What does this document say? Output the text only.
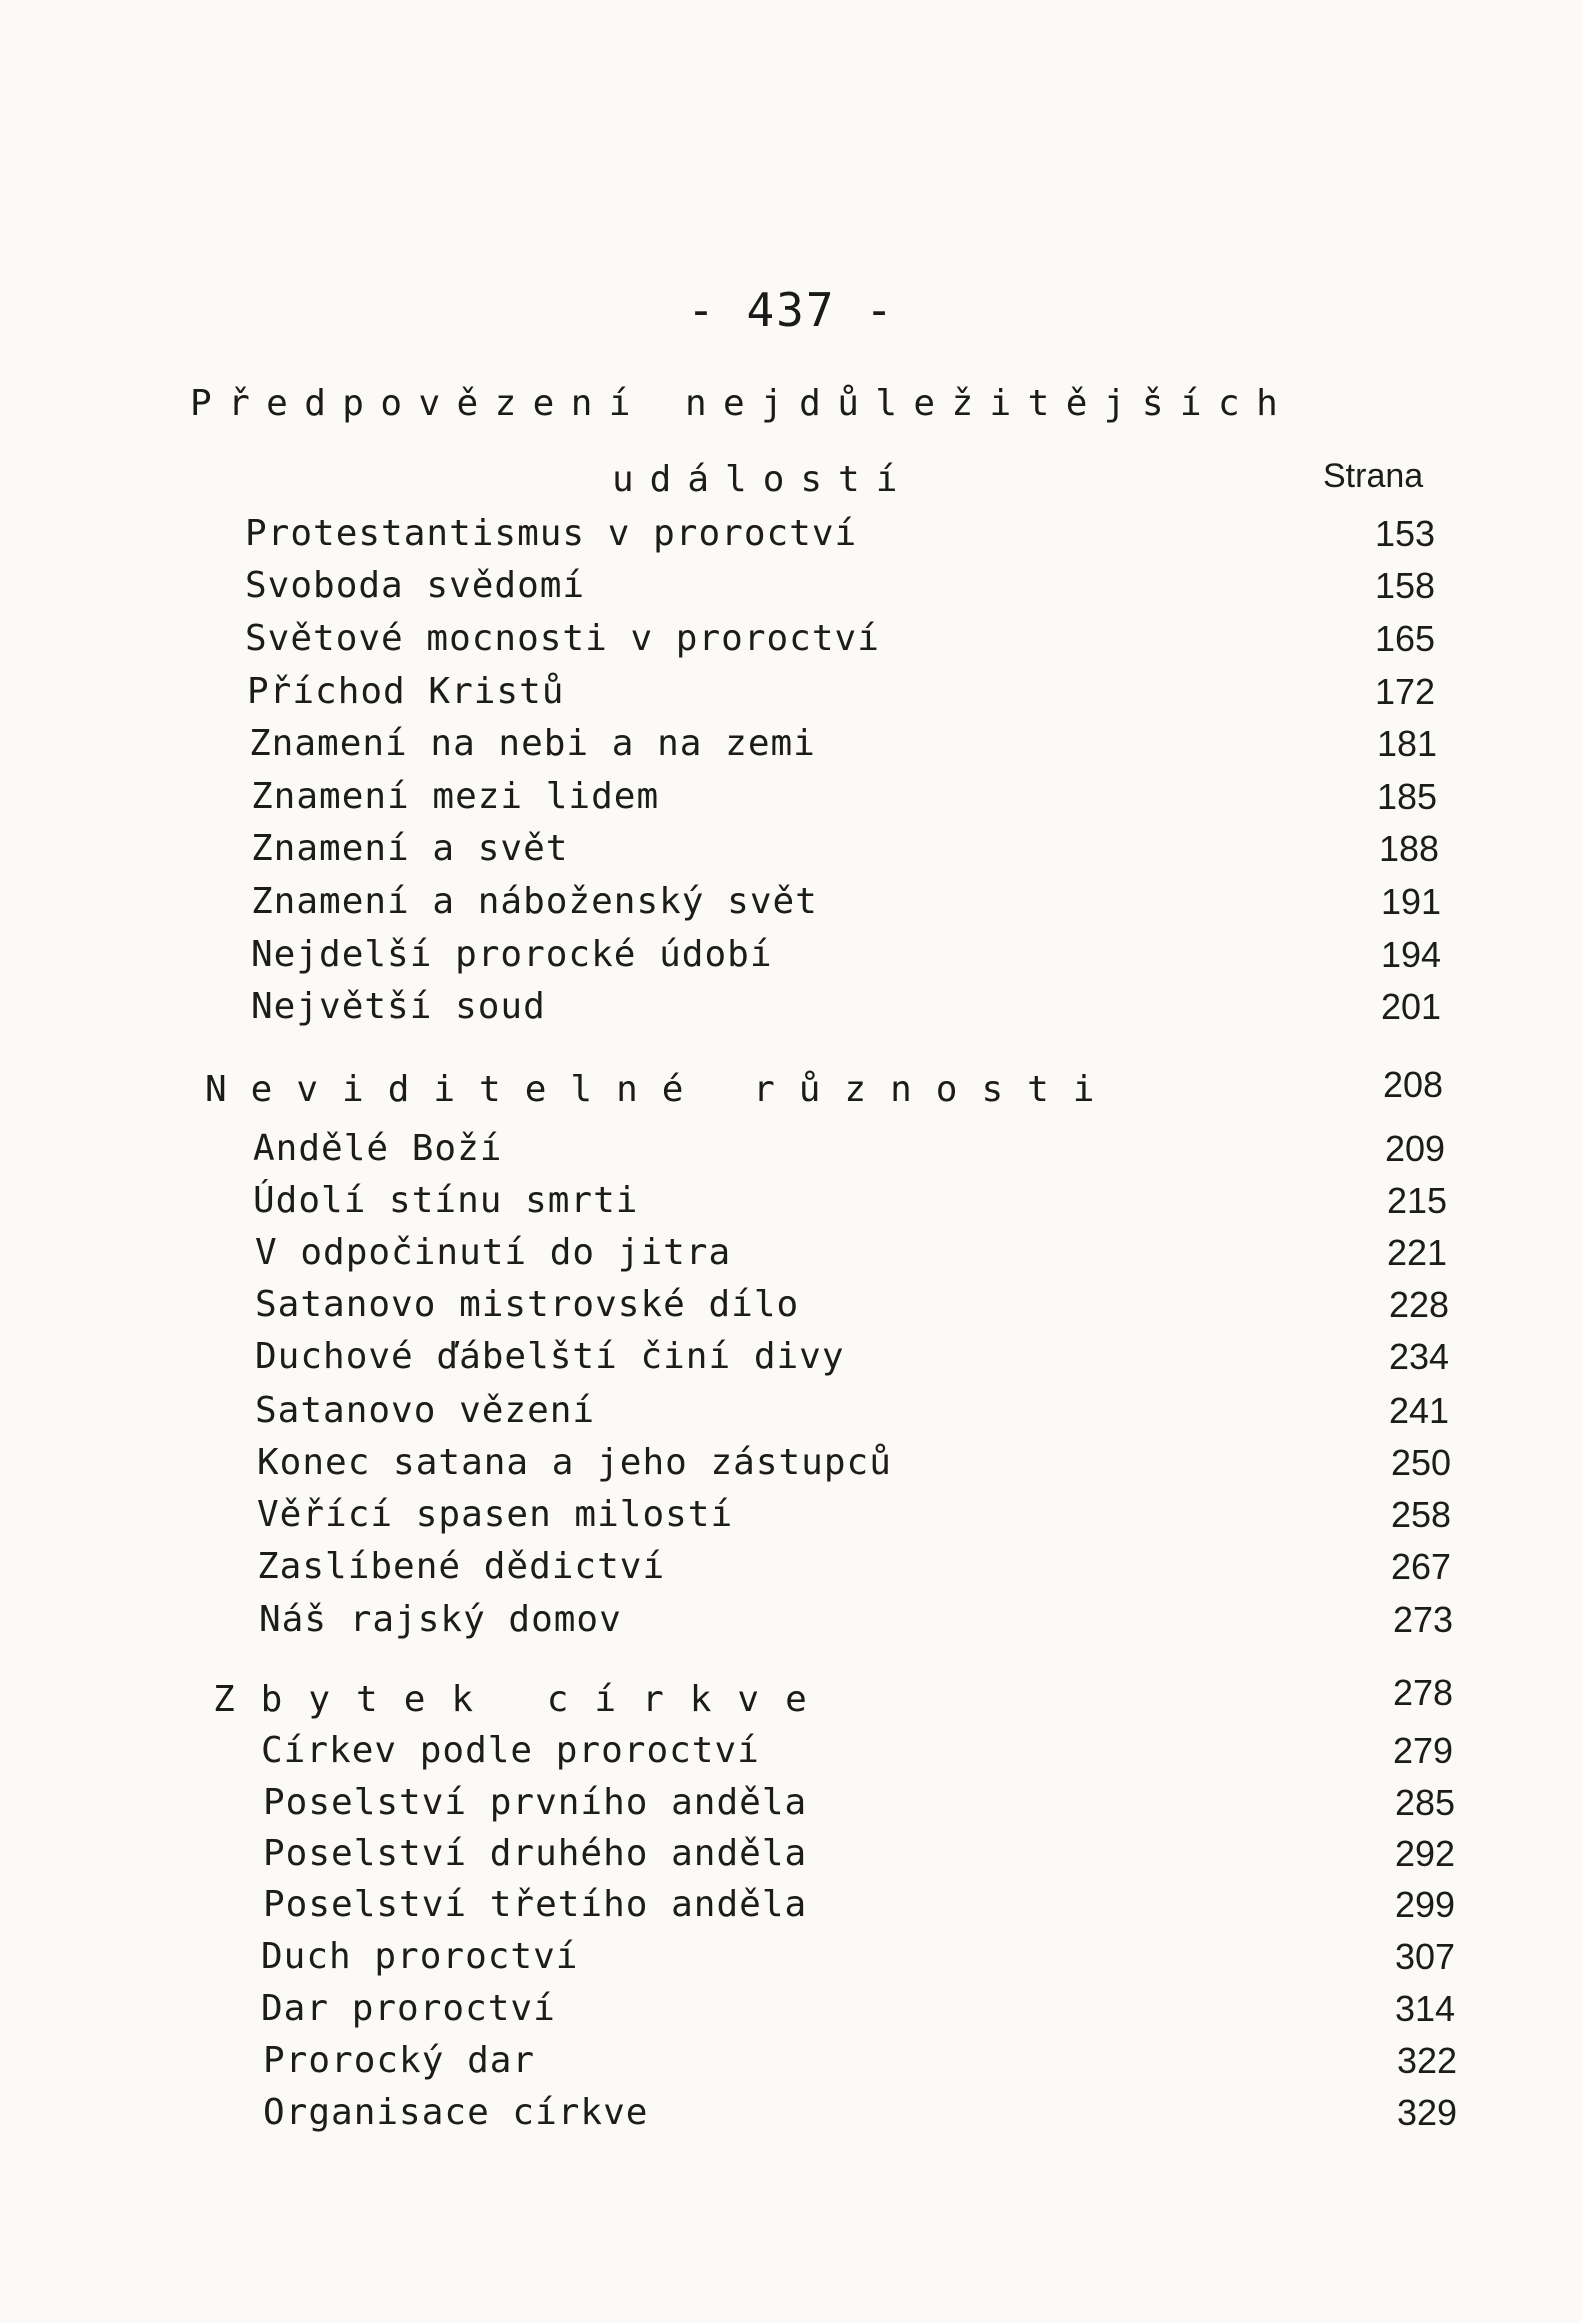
- 437 -
Předpovězení nejdůležitějších
událostí	Strana
Protestantismus v proroctví	153
Svoboda svědomí	158
Světové mocnosti v proroctví	165
Příchod Kristů	172
Znamení na nebi a na zemi	181
Znamení mezi lidem	185
Znamení a svět	188
Znamení a náboženský svět	191
Nejdelší prorocké údobí	194
Největší soud	201
Neviditelné různosti	208
Andělé Boží	209
Údolí stínu smrti	215
V odpočinutí do jitra	221
Satanovo mistrovské dílo	228
Duchové ďábelští činí divy	234
Satanovo vězení	241
Konec satana a jeho zástupců	250
Věřící spasen milostí	258
Zaslíbené dědictví	267
Náš rajský domov	273
Zbytek církve	278
Církev podle proroctví	279
Poselství prvního anděla	285
Poselství druhého anděla	292
Poselství třetího anděla	299
Duch proroctví	307
Dar proroctví	314
Prorocký dar	322
Organisace církve	329
